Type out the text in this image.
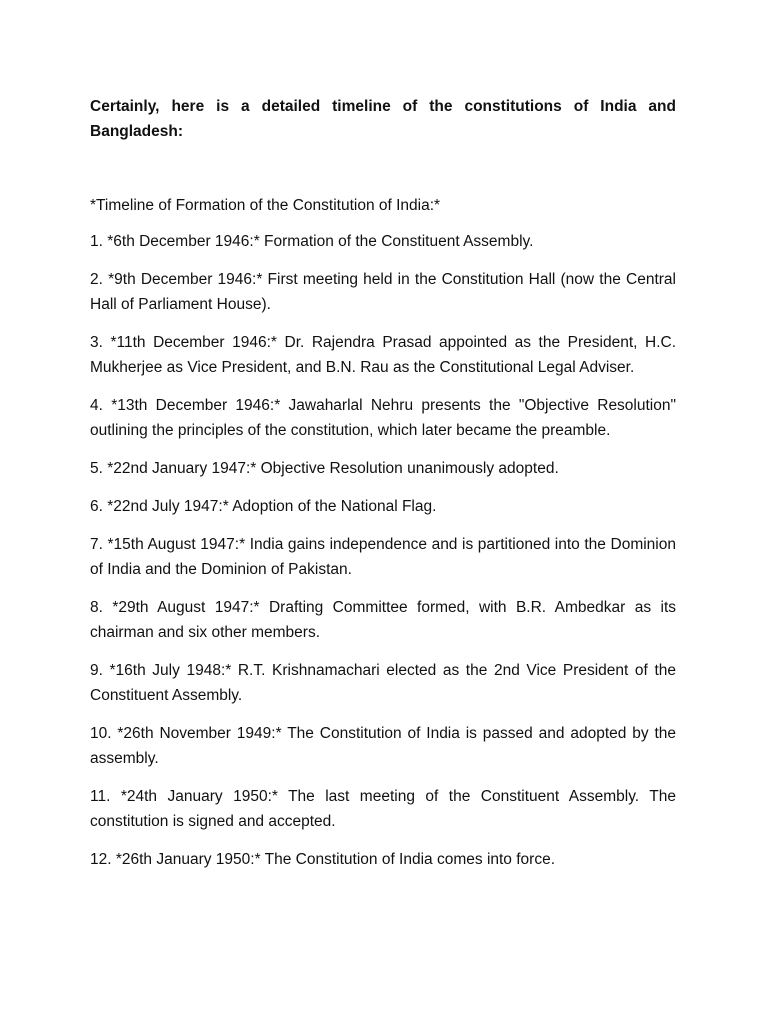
Certainly, here is a detailed timeline of the constitutions of India and Bangladesh:

*Timeline of Formation of the Constitution of India:*

1. *6th December 1946:* Formation of the Constituent Assembly.
2. *9th December 1946:* First meeting held in the Constitution Hall (now the Central Hall of Parliament House).
3. *11th December 1946:* Dr. Rajendra Prasad appointed as the President, H.C. Mukherjee as Vice President, and B.N. Rau as the Constitutional Legal Adviser.
4. *13th December 1946:* Jawaharlal Nehru presents the "Objective Resolution" outlining the principles of the constitution, which later became the preamble.
5. *22nd January 1947:* Objective Resolution unanimously adopted.
6. *22nd July 1947:* Adoption of the National Flag.
7. *15th August 1947:* India gains independence and is partitioned into the Dominion of India and the Dominion of Pakistan.
8. *29th August 1947:* Drafting Committee formed, with B.R. Ambedkar as its chairman and six other members.
9. *16th July 1948:* R.T. Krishnamachari elected as the 2nd Vice President of the Constituent Assembly.
10. *26th November 1949:* The Constitution of India is passed and adopted by the assembly.
11. *24th January 1950:* The last meeting of the Constituent Assembly. The constitution is signed and accepted.
12. *26th January 1950:* The Constitution of India comes into force.
